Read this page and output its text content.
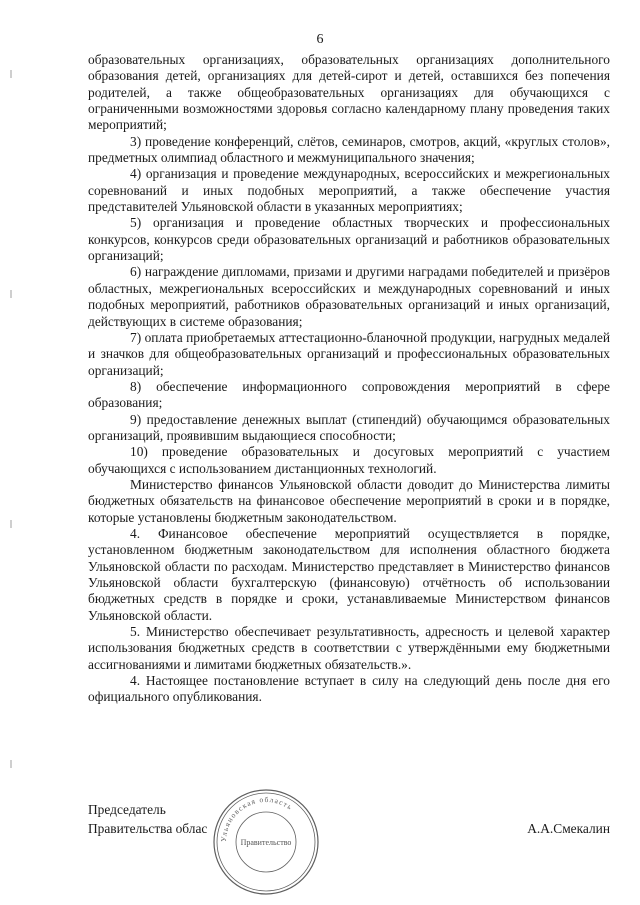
6

образовательных организациях, образовательных организациях дополнительного образования детей, организациях для детей-сирот и детей, оставшихся без попечения родителей, а также общеобразовательных организациях для обучающихся с ограниченными возможностями здоровья согласно календарному плану проведения таких мероприятий;

3) проведение конференций, слётов, семинаров, смотров, акций, «круглых столов», предметных олимпиад областного и межмуниципального значения;

4) организация и проведение международных, всероссийских и межрегиональных соревнований и иных подобных мероприятий, а также обеспечение участия представителей Ульяновской области в указанных мероприятиях;

5) организация и проведение областных творческих и профессиональных конкурсов, конкурсов среди образовательных организаций и работников образовательных организаций;

6) награждение дипломами, призами и другими наградами победителей и призёров областных, межрегиональных всероссийских и международных соревнований и иных подобных мероприятий, работников образовательных организаций и иных организаций, действующих в системе образования;

7) оплата приобретаемых аттестационно-бланочной продукции, нагрудных медалей и значков для общеобразовательных организаций и профессиональных образовательных организаций;

8) обеспечение информационного сопровождения мероприятий в сфере образования;

9) предоставление денежных выплат (стипендий) обучающимся образовательных организаций, проявившим выдающиеся способности;

10) проведение образовательных и досуговых мероприятий с участием обучающихся с использованием дистанционных технологий.

Министерство финансов Ульяновской области доводит до Министерства лимиты бюджетных обязательств на финансовое обеспечение мероприятий в сроки и в порядке, которые установлены бюджетным законодательством.

4. Финансовое обеспечение мероприятий осуществляется в порядке, установленном бюджетным законодательством для исполнения областного бюджета Ульяновской области по расходам. Министерство представляет в Министерство финансов Ульяновской области бухгалтерскую (финансовую) отчётность об использовании бюджетных средств в порядке и сроки, устанавливаемые Министерством финансов Ульяновской области.

5. Министерство обеспечивает результативность, адресность и целевой характер использования бюджетных средств в соответствии с утверждёнными ему бюджетными ассигнованиями и лимитами бюджетных обязательств.».

4. Настоящее постановление вступает в силу на следующий день после дня его официального опубликования.

Ульяновская область
Правительство
Председатель
Правительства облас	А.А.Смекалин
